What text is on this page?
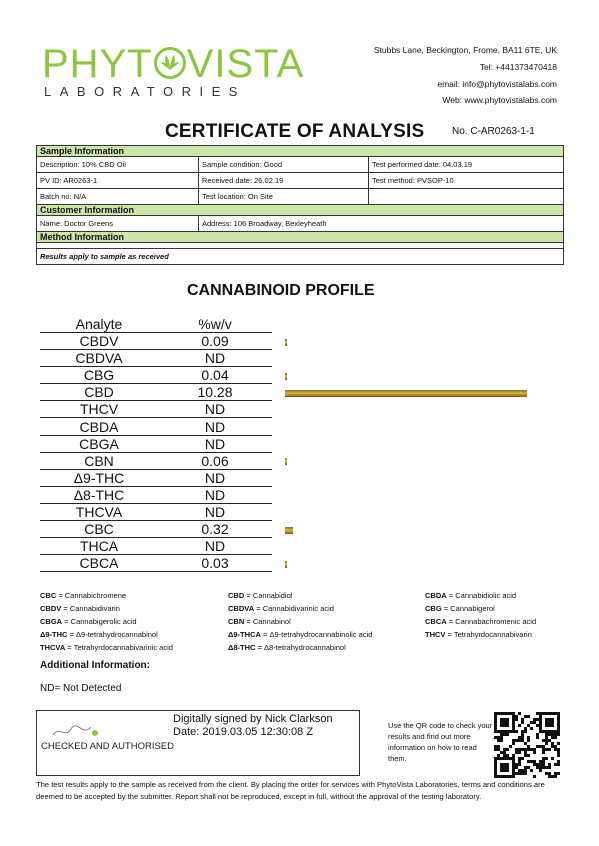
PHYT VISTA
LABORATORIES
Stubbs Lane, Beckington, Frome, BA11 6TE, UK
Tel: +441373470418
email: info@phytovistalabs.com
Web: www.phytovistalabs.com
CERTIFICATE OF ANALYSIS	No. C-AR0263-1-1
Sample Information		
Description: 10% CBD Oil	Sample condition: Good	Test performed date: 04.03.19
PV ID: AR0263-1	Received date: 26.02.19	Test method: PVSOP-10
Batch no: N/A	Test location: On Site	
Customer Information		
Name: Doctor Greens	Address: 106 Broadway, Bexleyheath	
Method Information		

Results apply to sample as received		
CANNABINOID PROFILE
Analyte	%w/v
CBDV	0.09
CBDVA	ND
CBG	0.04
CBD	10.28
THCV	ND
CBDA	ND
CBGA	ND
CBN	0.06
Δ9-THC	ND
Δ8-THC	ND
THCVA	ND
CBC	0.32
THCA	ND
CBCA	0.03
CBC = Cannabichromene	CBD = Cannabidiol	CBDA = Cannabidiolic acid
CBDV = Cannabidivarin	CBDVA = Cannabidivarinic acid	CBG = Cannabigerol
CBGA = Cannabigerolic acid	CBN = Cannabinol	CBCA = Cannabachromenic acid
Δ9-THC = Δ9-tetrahydrocannabinol	Δ9-THCA = Δ9-tetrahydrocannabinolic acid	THCV = Tetrahyrdocannabivarin
THCVA = Tetrahyrdocannabivarinic acid	Δ8-THC = Δ8-tetrahydrocannabinol
Additional Information:
ND= Not Detected
CHECKED AND AUTHORISED
Digitally signed by Nick Clarkson Date: 2019.03.05 12:30:08 Z
Use the QR code to check your results and find out more information on how to read them.
The test results apply to the sample as received from the client. By placing the order for services with PhytoVista Laboratories, terms and conditions are deemed to be accepted by the submitter. Report shall not be reproduced, except in full, without the approval of the testing laboratory.
